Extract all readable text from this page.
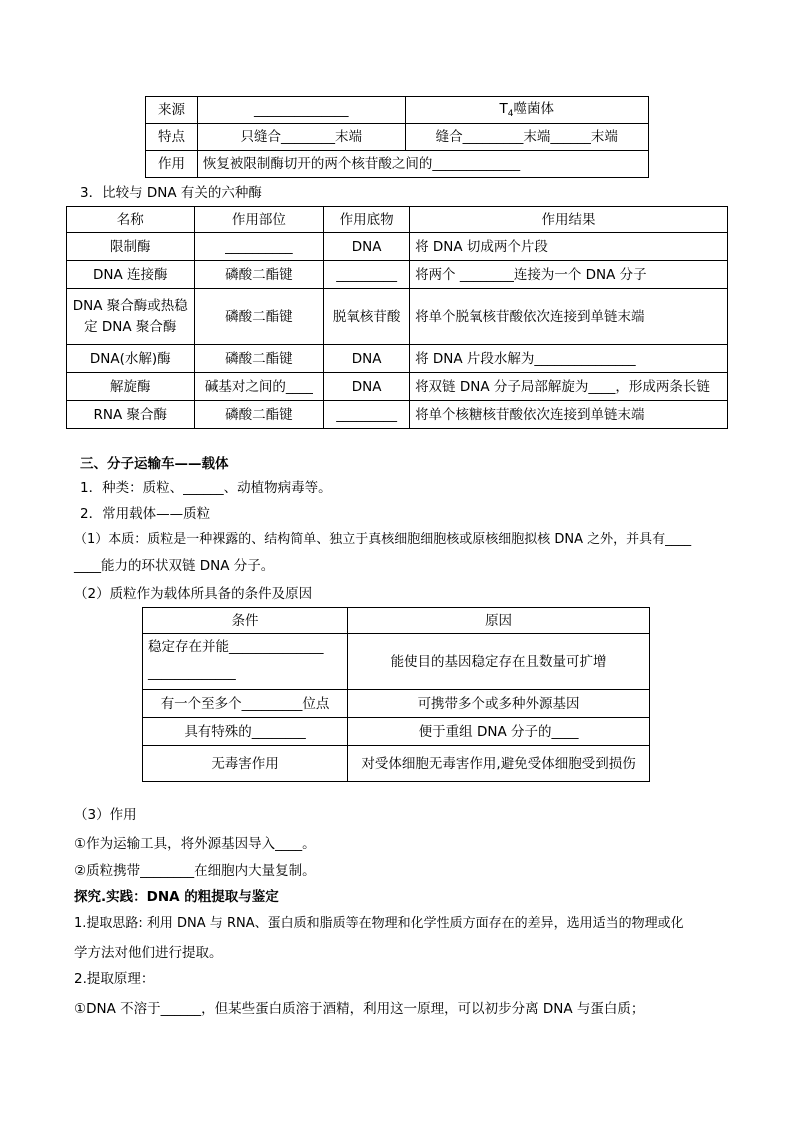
来源	______________	$T_4$噬菌体
特点	只缝合________末端	缝合_________末端______末端
作用	恢复被限制酶切开的两个核苷酸之间的_____________	
3．比较与 DNA 有关的六种酶
名称	作用部位	作用底物	作用结果
限制酶	__________	DNA	将 DNA 切成两个片段
DNA 连接酶	磷酸二酯键	_________	将两个 ________连接为一个 DNA 分子
DNA 聚合酶或热稳定 DNA 聚合酶	磷酸二酯键	脱氧核苷酸	将单个脱氧核苷酸依次连接到单链末端
DNA(水解)酶	磷酸二酯键	DNA	将 DNA 片段水解为_______________
解旋酶	碱基对之间的____	DNA	将双链 DNA 分子局部解旋为____，形成两条长链
RNA 聚合酶	磷酸二酯键	_________	将单个核糖核苷酸依次连接到单链末端
三、分子运输车——载体
1．种类：质粒、______、动植物病毒等。
2．常用载体——质粒
（1）本质：质粒是一种裸露的、结构简单、独立于真核细胞细胞核或原核细胞拟核 DNA 之外，并具有____
____能力的环状双链 DNA 分子。
（2）质粒作为载体所具备的条件及原因
条件	原因

稳定存在并能______________
_____________	能使目的基因稳定存在且数量可扩增
有一个至多个_________位点	可携带多个或多种外源基因
具有特殊的________	便于重组 DNA 分子的____
无毒害作用	对受体细胞无毒害作用,避免受体细胞受到损伤
（3）作用
①作为运输工具，将外源基因导入____。
②质粒携带________在细胞内大量复制。
探究.实践：DNA 的粗提取与鉴定
1.提取思路: 利用 DNA 与 RNA、蛋白质和脂质等在物理和化学性质方面存在的差异，选用适当的物理或化
学方法对他们进行提取。
2.提取原理：
①DNA 不溶于______，但某些蛋白质溶于酒精，利用这一原理，可以初步分离 DNA 与蛋白质；
